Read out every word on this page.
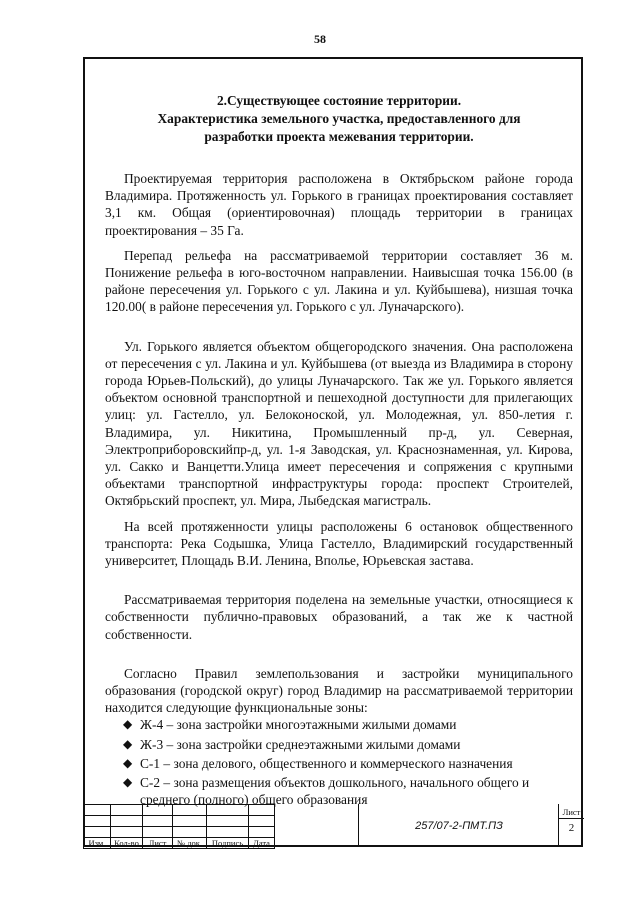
58
2.Существующее состояние территории.
Характеристика земельного участка, предоставленного для
разработки проекта межевания территории.

Проектируемая территория расположена в Октябрьском районе города Владимира. Протяженность ул. Горького в границах проектирования составляет 3,1 км. Общая (ориентировочная) площадь территории в границах проектирования – 35 Га.

Перепад рельефа на рассматриваемой территории составляет 36 м. Понижение рельефа в юго-восточном направлении. Наивысшая точка 156.00 (в районе пересечения ул. Горького с ул. Лакина и ул. Куйбышева), низшая точка 120.00( в районе пересечения ул. Горького с ул. Луначарского).

Ул. Горького является объектом общегородского значения. Она расположена от пересечения с ул. Лакина и ул. Куйбышева (от выезда из Владимира в сторону города Юрьев-Польский), до улицы Луначарского. Так же ул. Горького является объектом основной транспортной и пешеходной доступности для прилегающих улиц: ул. Гастелло, ул. Белоконоской, ул. Молодежная, ул. 850-летия г. Владимира, ул. Никитина, Промышленный пр-д, ул. Северная, Электроприборовскийпр-д, ул. 1-я Заводская, ул. Краснознаменная, ул. Кирова, ул. Сакко и Ванцетти.Улица имеет пересечения и сопряжения с крупными объектами транспортной инфраструктуры города: проспект Строителей, Октябрьский проспект, ул. Мира, Лыбедская магистраль.

На всей протяженности улицы расположены 6 остановок общественного транспорта: Река Содышка, Улица Гастелло, Владимирский государственный университет, Площадь В.И. Ленина, Вполье, Юрьевская застава.

Рассматриваемая территория поделена на земельные участки, относящиеся к собственности публично-правовых образований, а так же к частной собственности.

Согласно Правил землепользования и застройки муниципального образования (городской округ) город Владимир на рассматриваемой территории находится следующие функциональные зоны:

◆ Ж-4 – зона застройки многоэтажными жилыми домами
◆ Ж-3 – зона застройки среднеэтажными жилыми домами
◆ С-1 – зона делового, общественного и коммерческого назначения
◆ С-2 – зона размещения объектов дошкольного, начального общего и среднего (полного) общего образования

Изм.	Кол-во	Лист	№ док.	Подпись	Дата
257/07-2-ПМТ.ПЗ
Лист
2
